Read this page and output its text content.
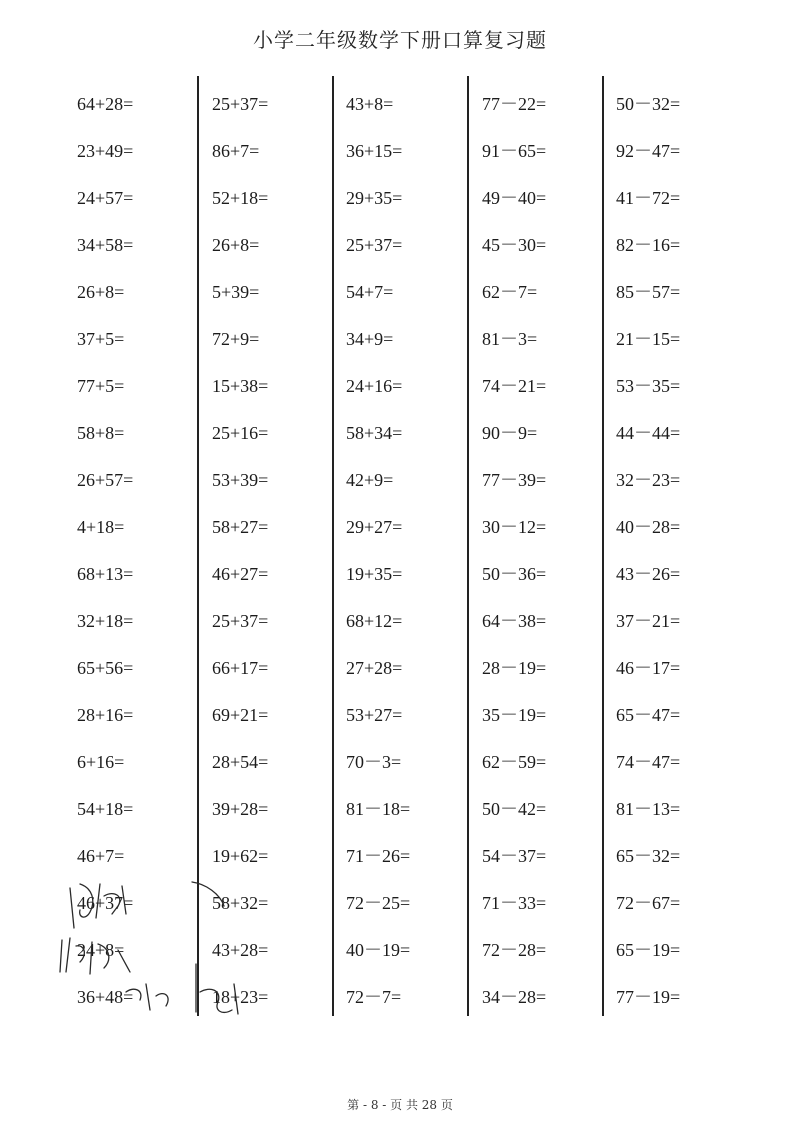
小学二年级数学下册口算复习题
64+28=
23+49=
24+57=
34+58=
26+8=
37+5=
77+5=
58+8=
26+57=
4+18=
68+13=
32+18=
65+56=
28+16=
6+16=
54+18=
46+7=
46+37=
24+8=
36+48=
25+37=
86+7=
52+18=
26+8=
5+39=
72+9=
15+38=
25+16=
53+39=
58+27=
46+27=
25+37=
66+17=
69+21=
28+54=
39+28=
19+62=
58+32=
43+28=
18+23=
43+8=
36+15=
29+35=
25+37=
54+7=
34+9=
24+16=
58+34=
42+9=
29+27=
19+35=
68+12=
27+28=
53+27=
70－3=
81－18=
71－26=
72－25=
40－19=
72－7=
77－22=
91－65=
49－40=
45－30=
62－7=
81－3=
74－21=
90－9=
77－39=
30－12=
50－36=
64－38=
28－19=
35－19=
62－59=
50－42=
54－37=
71－33=
72－28=
34－28=
50－32=
92－47=
41－72=
82－16=
85－57=
21－15=
53－35=
44－44=
32－23=
40－28=
43－26=
37－21=
46－17=
65－47=
74－47=
81－13=
65－32=
72－67=
65－19=
77－19=
第 - 8 - 页 共 28 页
